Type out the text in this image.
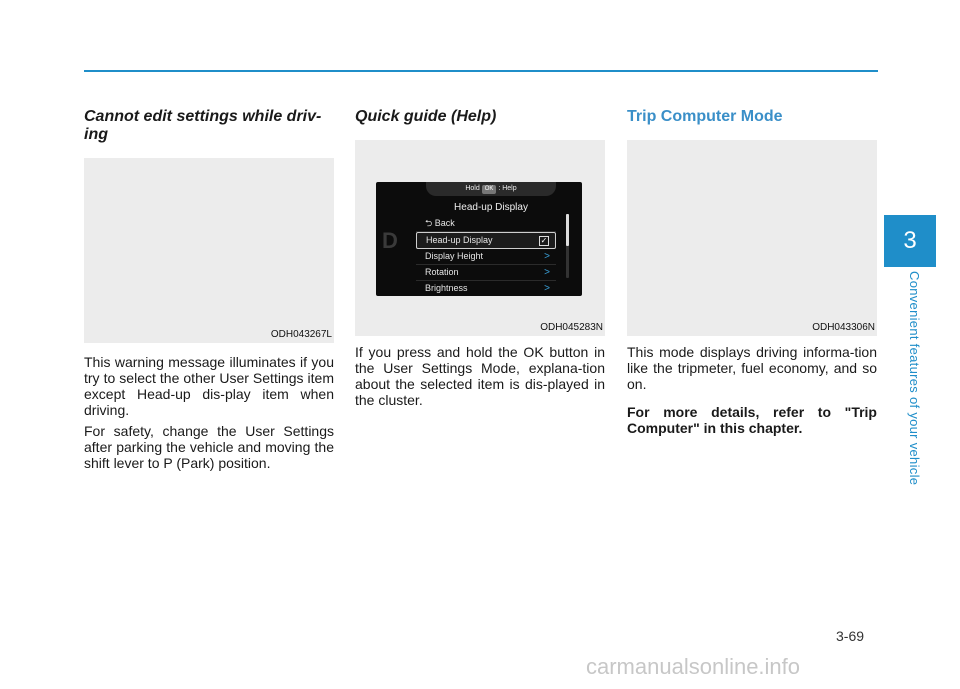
3
Convenient features of your vehicle

Cannot edit settings while driv-ing

ODH043267L

This warning message illuminates if you try to select the other User Settings item except Head-up dis-play item when driving.

For safety, change the User Settings after parking the vehicle and moving the shift lever to P (Park) position.

Quick guide (Help)

Hold OK : Help
Head-up Display
D
⮌ Back
Head-up Display	✓
Display Height	>
Rotation	>
Brightness	>
ODH045283N

If you press and hold the OK button in the User Settings Mode, explana-tion about the selected item is dis-played in the cluster.

Trip Computer Mode

ODH043306N

This mode displays driving informa-tion like the tripmeter, fuel economy, and so on.

For more details, refer to "Trip Computer" in this chapter.

3-69
carmanualsonline.info
